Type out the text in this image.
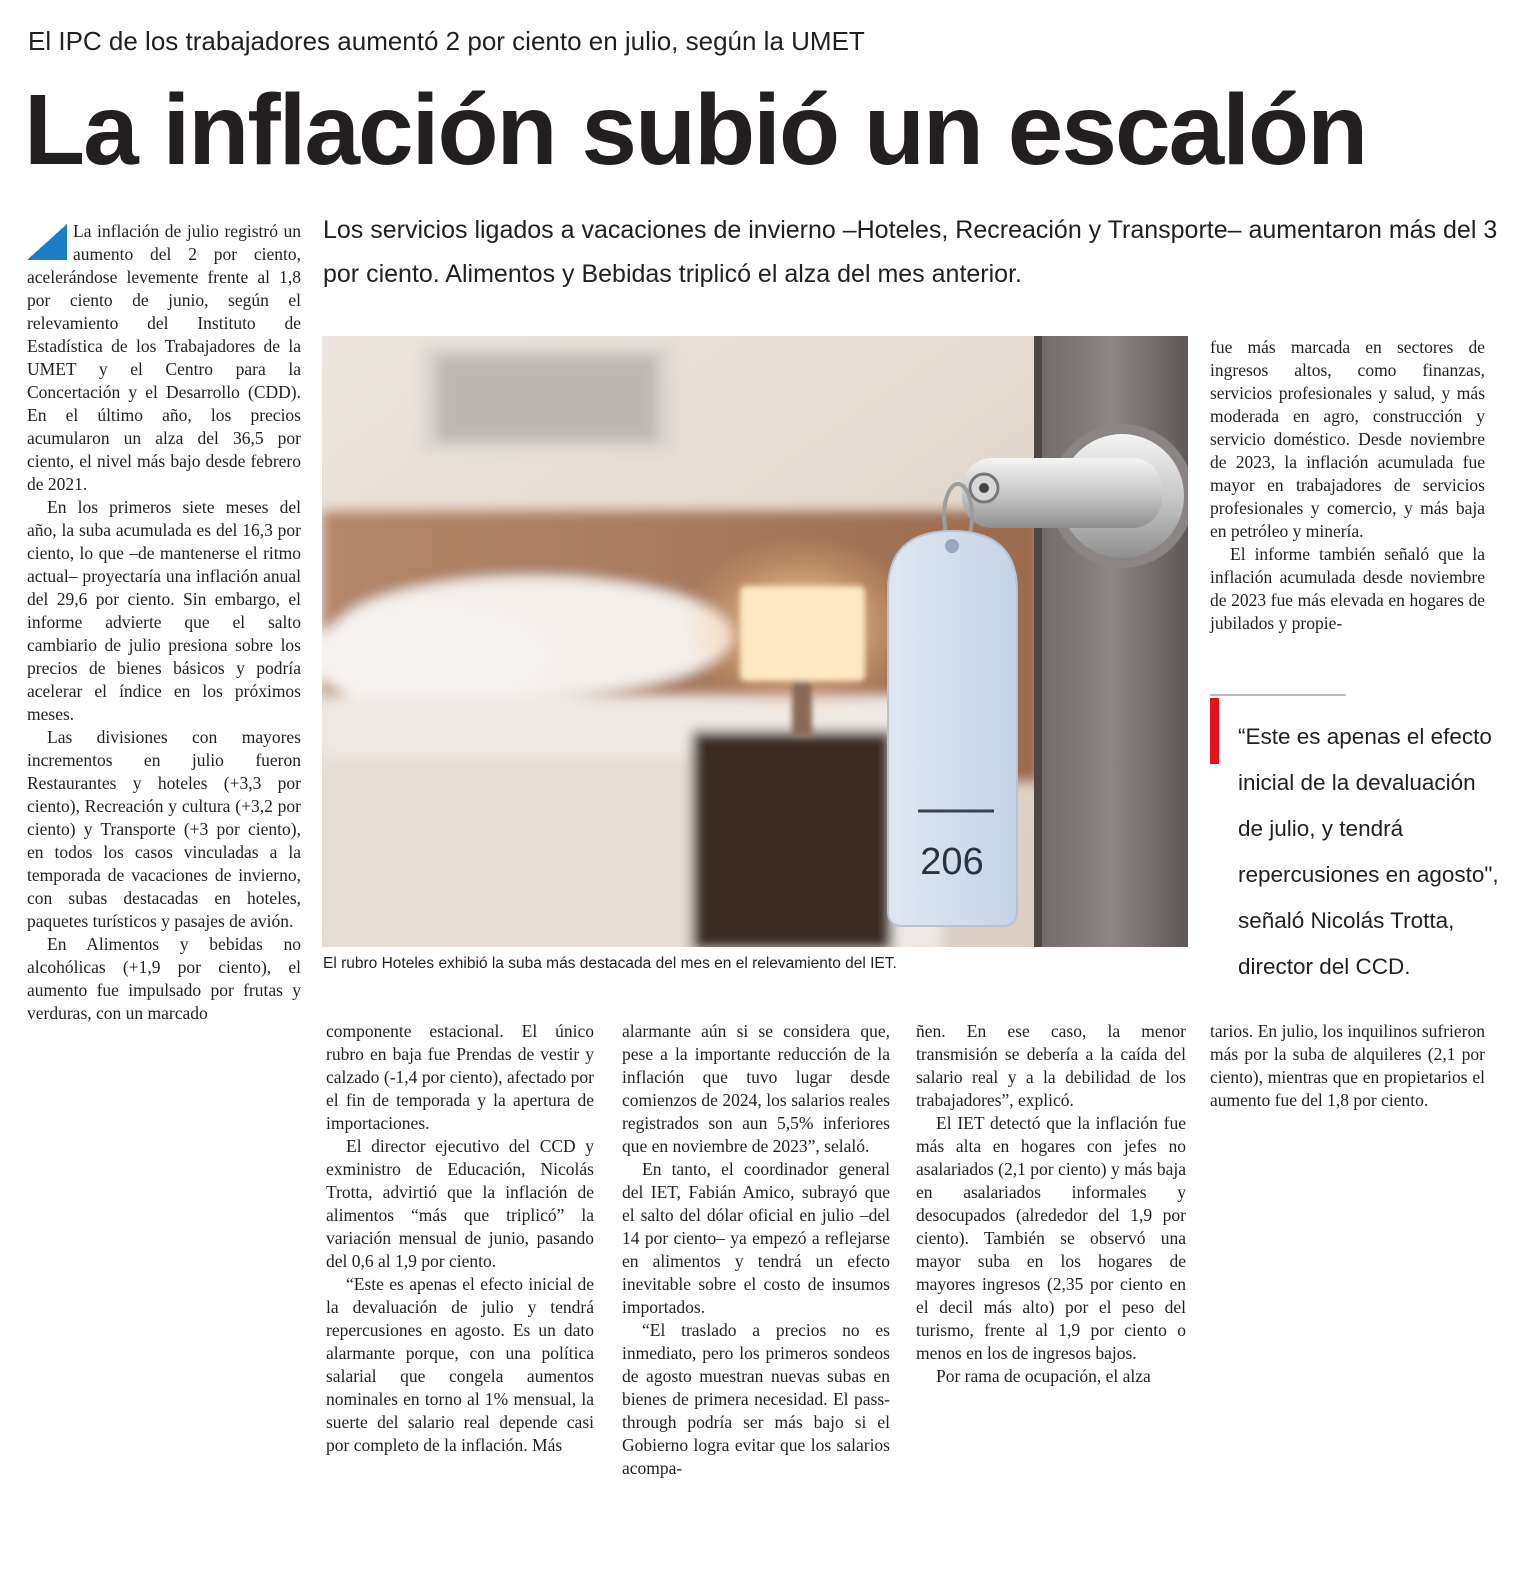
El IPC de los trabajadores aumentó 2 por ciento en julio, según la UMET
La inflación subió un escalón
Los servicios ligados a vacaciones de invierno –Hoteles, Recreación y Transporte– aumentaron más del 3 por ciento. Alimentos y Bebidas triplicó el alza del mes anterior.

La inflación de julio registró un aumento del 2 por ciento, acelerándose levemente frente al 1,8 por ciento de junio, según el relevamiento del Instituto de Estadística de los Trabajadores de la UMET y el Centro para la Concertación y el Desarrollo (CDD). En el último año, los precios acumularon un alza del 36,5 por ciento, el nivel más bajo desde febrero de 2021.

En los primeros siete meses del año, la suba acumulada es del 16,3 por ciento, lo que –de mantenerse el ritmo actual– proyectaría una inflación anual del 29,6 por ciento. Sin embargo, el informe advierte que el salto cambiario de julio presiona sobre los precios de bienes básicos y podría acelerar el índice en los próximos meses.

Las divisiones con mayores incrementos en julio fueron Restaurantes y hoteles (+3,3 por ciento), Recreación y cultura (+3,2 por ciento) y Transporte (+3 por ciento), en todos los casos vinculadas a la temporada de vacaciones de invierno, con subas destacadas en hoteles, paquetes turísticos y pasajes de avión.

En Alimentos y bebidas no alcohólicas (+1,9 por ciento), el aumento fue impulsado por frutas y verduras, con un marcado

206
El rubro Hoteles exhibió la suba más destacada del mes en el relevamiento del IET.

fue más marcada en sectores de ingresos altos, como finanzas, servicios profesionales y salud, y más moderada en agro, construcción y servicio doméstico. Desde noviembre de 2023, la inflación acumulada fue mayor en trabajadores de servicios profesionales y comercio, y más baja en petróleo y minería.

El informe también señaló que la inflación acumulada desde noviembre de 2023 fue más elevada en hogares de jubilados y propie-

“Este es apenas el efecto
inicial de la devaluación
de julio, y tendrá
repercusiones en agosto",
señaló Nicolás Trotta,
director del CCD.

componente estacional. El único rubro en baja fue Prendas de vestir y calzado (-1,4 por ciento), afectado por el fin de temporada y la apertura de importaciones.

El director ejecutivo del CCD y exministro de Educación, Nicolás Trotta, advirtió que la inflación de alimentos “más que triplicó” la variación mensual de junio, pasando del 0,6 al 1,9 por ciento.

“Este es apenas el efecto inicial de la devaluación de julio y tendrá repercusiones en agosto. Es un dato alarmante porque, con una política salarial que congela aumentos nominales en torno al 1% mensual, la suerte del salario real depende casi por completo de la inflación. Más

alarmante aún si se considera que, pese a la importante reducción de la inflación que tuvo lugar desde comienzos de 2024, los salarios reales registrados son aun 5,5% inferiores que en noviembre de 2023”, selaló.

En tanto, el coordinador general del IET, Fabián Amico, subrayó que el salto del dólar oficial en julio –del 14 por ciento– ya empezó a reflejarse en alimentos y tendrá un efecto inevitable sobre el costo de insumos importados.

“El traslado a precios no es inmediato, pero los primeros sondeos de agosto muestran nuevas subas en bienes de primera necesidad. El pass-through podría ser más bajo si el Gobierno logra evitar que los salarios acompa-

ñen. En ese caso, la menor transmisión se debería a la caída del salario real y a la debilidad de los trabajadores”, explicó.

El IET detectó que la inflación fue más alta en hogares con jefes no asalariados (2,1 por ciento) y más baja en asalariados informales y desocupados (alrededor del 1,9 por ciento). También se observó una mayor suba en los hogares de mayores ingresos (2,35 por ciento en el decil más alto) por el peso del turismo, frente al 1,9 por ciento o menos en los de ingresos bajos.

Por rama de ocupación, el alza

tarios. En julio, los inquilinos sufrieron más por la suba de alquileres (2,1 por ciento), mientras que en propietarios el aumento fue del 1,8 por ciento.
